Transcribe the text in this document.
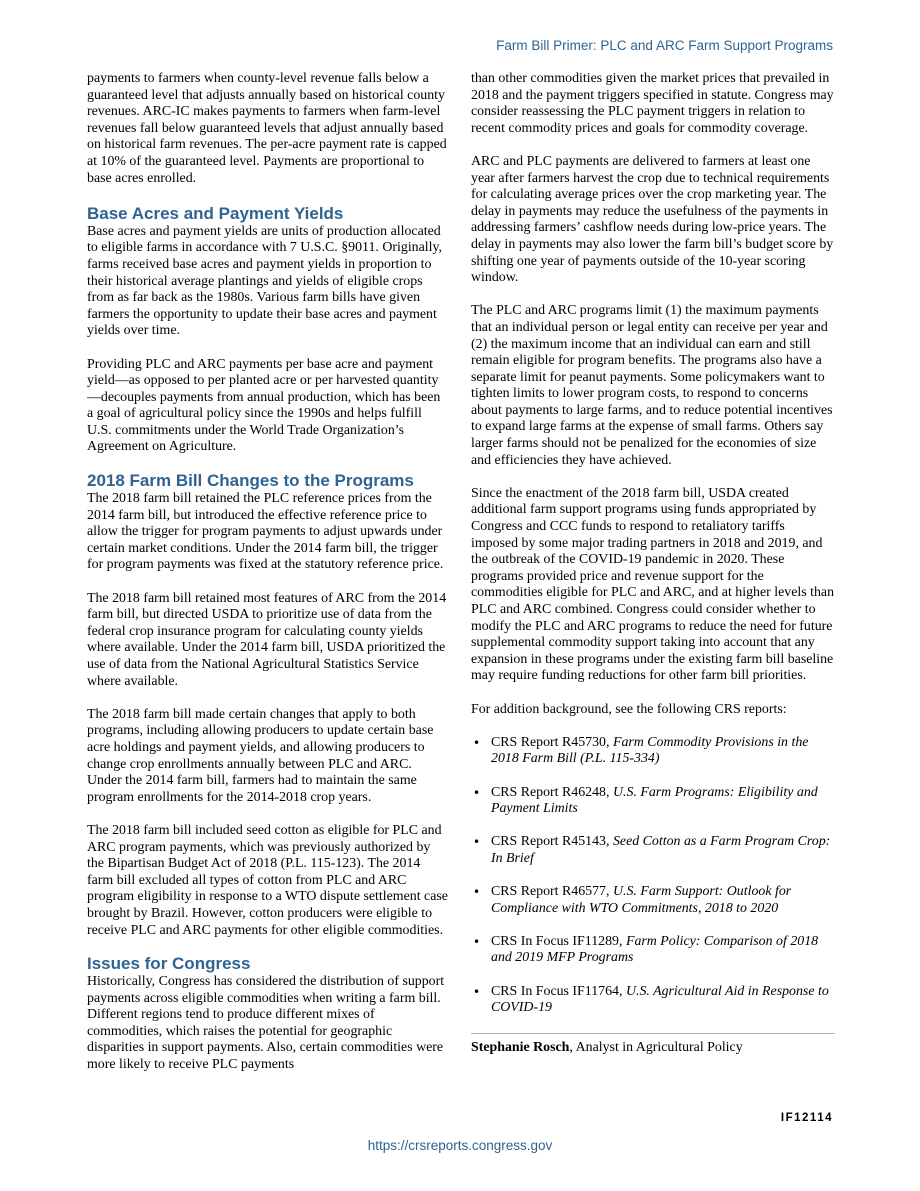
Farm Bill Primer: PLC and ARC Farm Support Programs

payments to farmers when county-level revenue falls below a guaranteed level that adjusts annually based on historical county revenues. ARC-IC makes payments to farmers when farm-level revenues fall below guaranteed levels that adjust annually based on historical farm revenues. The per-acre payment rate is capped at 10% of the guaranteed level. Payments are proportional to base acres enrolled.

Base Acres and Payment Yields

Base acres and payment yields are units of production allocated to eligible farms in accordance with 7 U.S.C. §9011. Originally, farms received base acres and payment yields in proportion to their historical average plantings and yields of eligible crops from as far back as the 1980s. Various farm bills have given farmers the opportunity to update their base acres and payment yields over time.

Providing PLC and ARC payments per base acre and payment yield—as opposed to per planted acre or per harvested quantity—decouples payments from annual production, which has been a goal of agricultural policy since the 1990s and helps fulfill U.S. commitments under the World Trade Organization’s Agreement on Agriculture.

2018 Farm Bill Changes to the Programs

The 2018 farm bill retained the PLC reference prices from the 2014 farm bill, but introduced the effective reference price to allow the trigger for program payments to adjust upwards under certain market conditions. Under the 2014 farm bill, the trigger for program payments was fixed at the statutory reference price.

The 2018 farm bill retained most features of ARC from the 2014 farm bill, but directed USDA to prioritize use of data from the federal crop insurance program for calculating county yields where available. Under the 2014 farm bill, USDA prioritized the use of data from the National Agricultural Statistics Service where available.

The 2018 farm bill made certain changes that apply to both programs, including allowing producers to update certain base acre holdings and payment yields, and allowing producers to change crop enrollments annually between PLC and ARC. Under the 2014 farm bill, farmers had to maintain the same program enrollments for the 2014-2018 crop years.

The 2018 farm bill included seed cotton as eligible for PLC and ARC program payments, which was previously authorized by the Bipartisan Budget Act of 2018 (P.L. 115-123). The 2014 farm bill excluded all types of cotton from PLC and ARC program eligibility in response to a WTO dispute settlement case brought by Brazil. However, cotton producers were eligible to receive PLC and ARC payments for other eligible commodities.

Issues for Congress

Historically, Congress has considered the distribution of support payments across eligible commodities when writing a farm bill. Different regions tend to produce different mixes of commodities, which raises the potential for geographic disparities in support payments. Also, certain commodities were more likely to receive PLC payments

than other commodities given the market prices that prevailed in 2018 and the payment triggers specified in statute. Congress may consider reassessing the PLC payment triggers in relation to recent commodity prices and goals for commodity coverage.

ARC and PLC payments are delivered to farmers at least one year after farmers harvest the crop due to technical requirements for calculating average prices over the crop marketing year. The delay in payments may reduce the usefulness of the payments in addressing farmers’ cashflow needs during low-price years. The delay in payments may also lower the farm bill’s budget score by shifting one year of payments outside of the 10-year scoring window.

The PLC and ARC programs limit (1) the maximum payments that an individual person or legal entity can receive per year and (2) the maximum income that an individual can earn and still remain eligible for program benefits. The programs also have a separate limit for peanut payments. Some policymakers want to tighten limits to lower program costs, to respond to concerns about payments to large farms, and to reduce potential incentives to expand large farms at the expense of small farms. Others say larger farms should not be penalized for the economies of size and efficiencies they have achieved.

Since the enactment of the 2018 farm bill, USDA created additional farm support programs using funds appropriated by Congress and CCC funds to respond to retaliatory tariffs imposed by some major trading partners in 2018 and 2019, and the outbreak of the COVID-19 pandemic in 2020. These programs provided price and revenue support for the commodities eligible for PLC and ARC, and at higher levels than PLC and ARC combined. Congress could consider whether to modify the PLC and ARC programs to reduce the need for future supplemental commodity support taking into account that any expansion in these programs under the existing farm bill baseline may require funding reductions for other farm bill priorities.

For addition background, see the following CRS reports:

• CRS Report R45730, Farm Commodity Provisions in the 2018 Farm Bill (P.L. 115-334)
• CRS Report R46248, U.S. Farm Programs: Eligibility and Payment Limits
• CRS Report R45143, Seed Cotton as a Farm Program Crop: In Brief
• CRS Report R46577, U.S. Farm Support: Outlook for Compliance with WTO Commitments, 2018 to 2020
• CRS In Focus IF11289, Farm Policy: Comparison of 2018 and 2019 MFP Programs
• CRS In Focus IF11764, U.S. Agricultural Aid in Response to COVID-19
Stephanie Rosch, Analyst in Agricultural Policy
IF12114
https://crsreports.congress.gov
